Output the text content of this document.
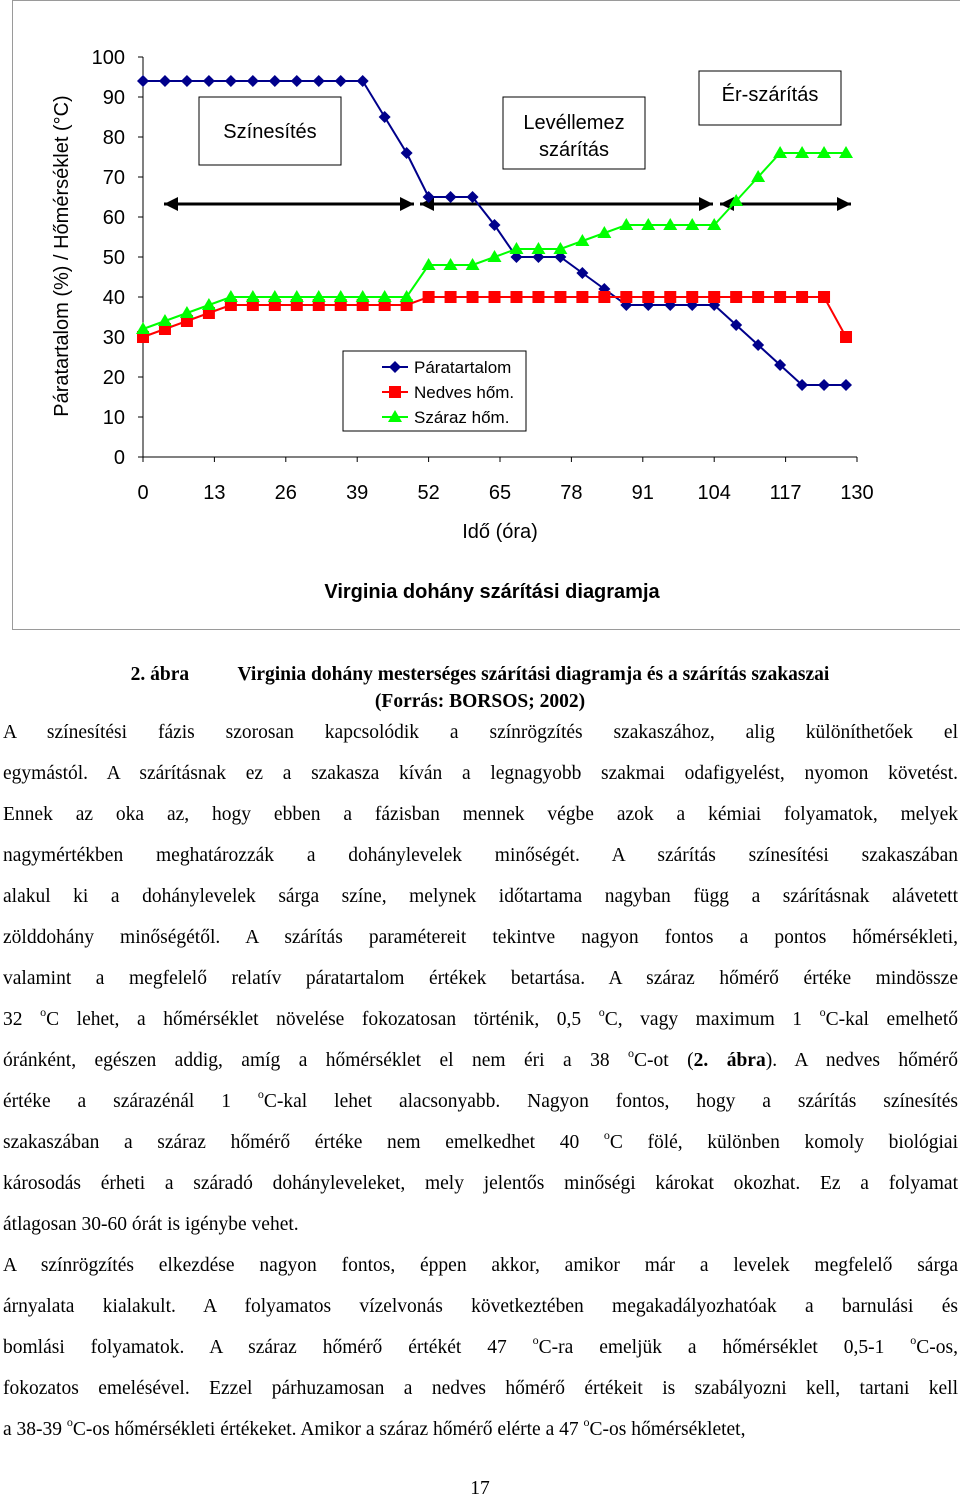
Páratartalom (%) / Hőmérséklet (°C)
0
10
20
30
40
50
60
70
80
90
100
0	13 26 39 52 65 78 91 104 117 130
Színesítés	Levéllemez
szárítás
Ér-szárítás
Páratartalom
Nedves hőm.
Száraz hőm.
Idő (óra)
Virginia dohány szárítási diagramja
2. ábra          Virginia dohány mesterséges szárítási diagramja és a szárítás szakaszai
(Forrás: BORSOS; 2002)
A színesítési fázis szorosan kapcsolódik a színrögzítés szakaszához, alig különíthetőek el
egymástól. A szárításnak ez a szakasza kíván a legnagyobb szakmai odafigyelést, nyomon követést.
Ennek az oka az, hogy ebben a fázisban mennek végbe azok a kémiai folyamatok, melyek
nagymértékben meghatározzák a dohánylevelek minőségét. A szárítás színesítési szakaszában
alakul ki a dohánylevelek sárga színe, melynek időtartama nagyban függ a szárításnak alávetett
zölddohány minőségétől. A szárítás paramétereit tekintve nagyon fontos a pontos hőmérsékleti,
valamint a megfelelő relatív páratartalom értékek betartása. A száraz hőmérő értéke mindössze
32 $^o$C lehet, a hőmérséklet növelése fokozatosan történik, 0,5 $^o$C, vagy maximum 1 $^o$C-kal emelhető
óránként, egészen addig, amíg a hőmérséklet el nem éri a 38 $^o$C-ot (2. ábra). A nedves hőmérő
értéke a szárazénál 1 $^o$C-kal lehet alacsonyabb. Nagyon fontos, hogy a szárítás színesítés
szakaszában a száraz hőmérő értéke nem emelkedhet 40 $^o$C fölé, különben komoly biológiai
károsodás érheti a száradó dohányleveleket, mely jelentős minőségi károkat okozhat. Ez a folyamat
átlagosan 30-60 órát is igénybe vehet.
A színrögzítés elkezdése nagyon fontos, éppen akkor, amikor már a levelek megfelelő sárga
árnyalata kialakult. A folyamatos vízelvonás következtében megakadályozhatóak a barnulási és
bomlási folyamatok. A száraz hőmérő értékét 47 $^o$C-ra emeljük a hőmérséklet 0,5-1 $^o$C-os,
fokozatos emelésével. Ezzel párhuzamosan a nedves hőmérő értékeit is szabályozni kell, tartani kell
a 38-39 $^o$C-os hőmérsékleti értékeket. Amikor a száraz hőmérő elérte a 47 $^o$C-os hőmérsékletet,
17
